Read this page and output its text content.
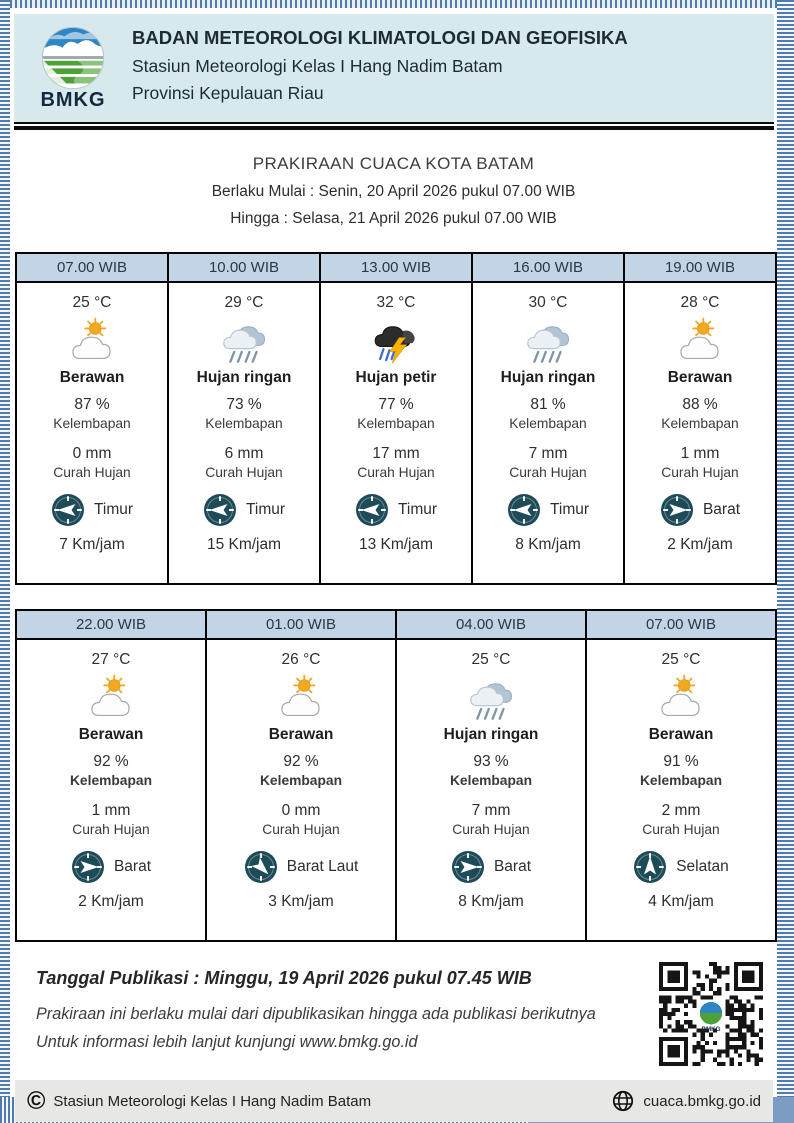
BMKG
BADAN METEOROLOGI KLIMATOLOGI DAN GEOFISIKA
Stasiun Meteorologi Kelas I Hang Nadim Batam
Provinsi Kepulauan Riau
PRAKIRAAN CUACA KOTA BATAM
Berlaku Mulai : Senin, 20 April 2026 pukul 07.00 WIB
Hingga : Selasa, 21 April 2026 pukul 07.00 WIB
07.00 WIB	10.00 WIB	13.00 WIB	16.00 WIB	19.00 WIB

25 °C
Berawan
87 %
Kelembapan
0 mm
Curah Hujan
Timur
7 Km/jam

29 °C
Hujan ringan
73 %
Kelembapan
6 mm
Curah Hujan
Timur
15 Km/jam

32 °C
Hujan petir
77 %
Kelembapan
17 mm
Curah Hujan
Timur
13 Km/jam

30 °C
Hujan ringan
81 %
Kelembapan
7 mm
Curah Hujan
Timur
8 Km/jam

28 °C
Berawan
88 %
Kelembapan
1 mm
Curah Hujan
Barat
2 Km/jam
22.00 WIB	01.00 WIB	04.00 WIB	07.00 WIB

27 °C
Berawan
92 %
Kelembapan
1 mm
Curah Hujan
Barat
2 Km/jam

26 °C
Berawan
92 %
Kelembapan
0 mm
Curah Hujan
Barat Laut
3 Km/jam

25 °C
Hujan ringan
93 %
Kelembapan
7 mm
Curah Hujan
Barat
8 Km/jam

25 °C
Berawan
91 %
Kelembapan
2 mm
Curah Hujan
Selatan
4 Km/jam
Tanggal Publikasi : Minggu, 19 April 2026 pukul 07.45 WIB
Prakiraan ini berlaku mulai dari dipublikasikan hingga ada publikasi berikutnya
Untuk informasi lebih lanjut kunjungi www.bmkg.go.id
BMKG
© Stasiun Meteorologi Kelas I Hang Nadim Batam	cuaca.bmkg.go.id
